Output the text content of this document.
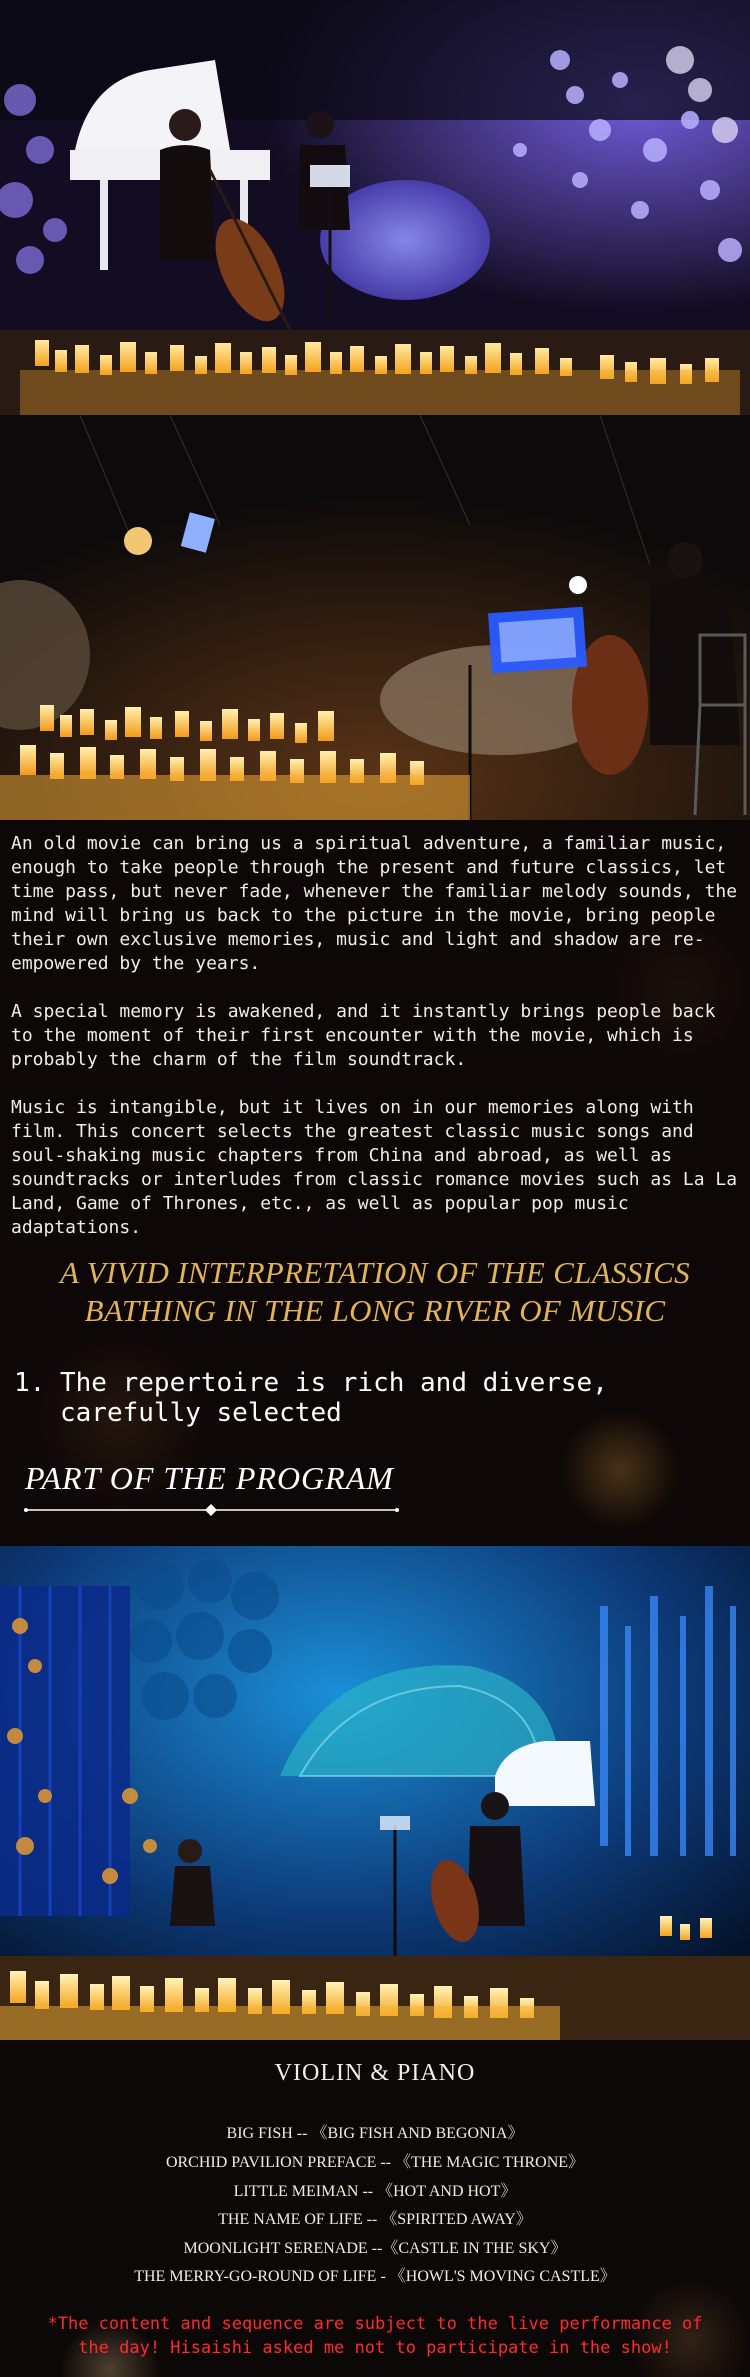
An old movie can bring us a spiritual adventure, a familiar music, enough to take people through the present and future classics, let time pass, but never fade, whenever the familiar melody sounds, the mind will bring us back to the picture in the movie, bring people their own exclusive memories, music and light and shadow are re-empowered by the years.

A special memory is awakened, and it instantly brings people back to the moment of their first encounter with the movie, which is probably the charm of the film soundtrack.

Music is intangible, but it lives on in our memories along with film. This concert selects the greatest classic music songs and soul-shaking music chapters from China and abroad, as well as soundtracks or interludes from classic romance movies such as La La Land, Game of Thrones, etc., as well as popular pop music adaptations.

A VIVID INTERPRETATION OF THE CLASSICS
BATHING IN THE LONG RIVER OF MUSIC
1. The repertoire is rich and diverse,
carefully selected
PART OF THE PROGRAM
VIOLIN & PIANO
BIG FISH -- 《BIG FISH AND BEGONIA》
ORCHID PAVILION PREFACE -- 《THE MAGIC THRONE》
LITTLE MEIMAN -- 《HOT AND HOT》
THE NAME OF LIFE -- 《SPIRITED AWAY》
MOONLIGHT SERENADE --《CASTLE IN THE SKY》
THE MERRY-GO-ROUND OF LIFE - 《HOWL'S MOVING CASTLE》
*The content and sequence are subject to the live performance of
the day! Hisaishi asked me not to participate in the show!
